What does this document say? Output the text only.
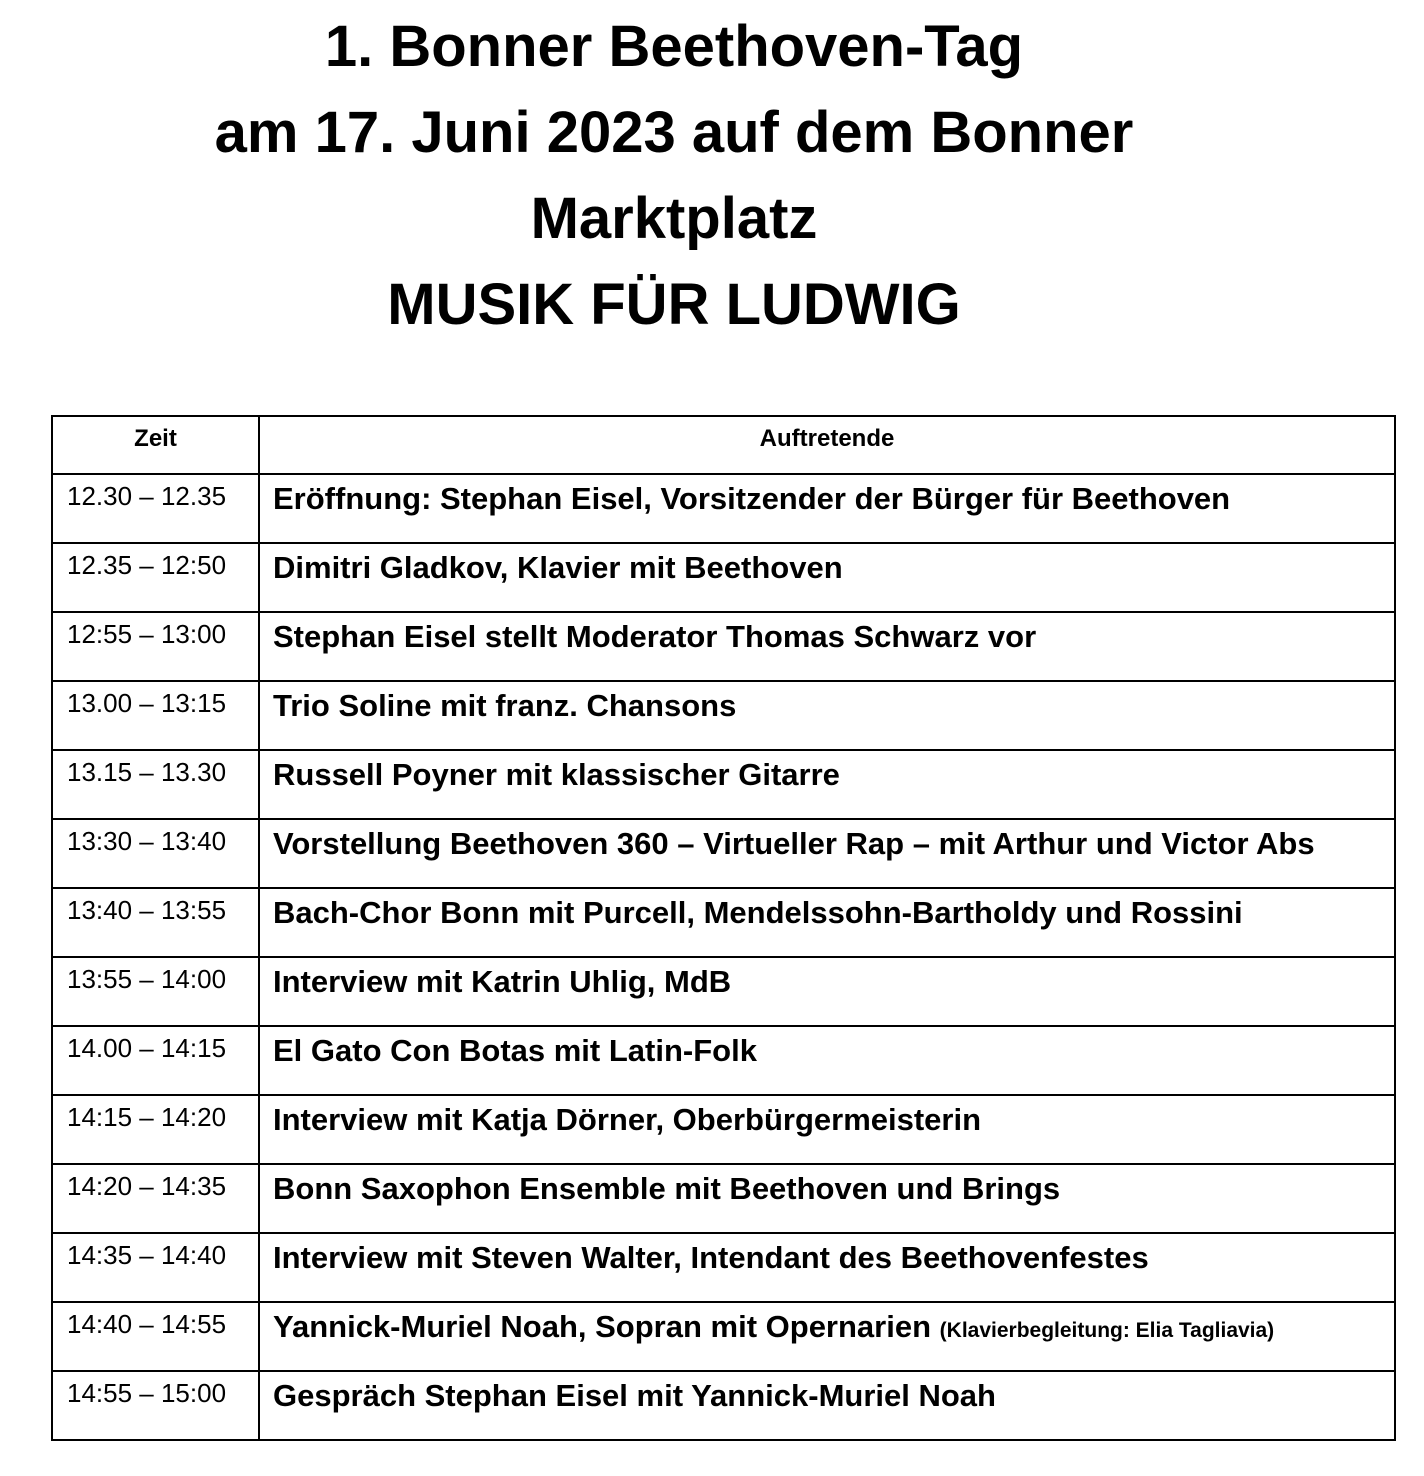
1. Bonner Beethoven-Tag
am 17. Juni 2023 auf dem Bonner
Marktplatz
MUSIK FÜR LUDWIG
Zeit	Auftretende
12.30 – 12.35	Eröffnung: Stephan Eisel, Vorsitzender der Bürger für Beethoven
12.35 – 12:50	Dimitri Gladkov, Klavier mit Beethoven
12:55 – 13:00	Stephan Eisel stellt Moderator Thomas Schwarz vor
13.00 – 13:15	Trio Soline mit franz. Chansons
13.15 – 13.30	Russell Poyner mit klassischer Gitarre
13:30 – 13:40	Vorstellung Beethoven 360 – Virtueller Rap – mit Arthur und Victor Abs
13:40 – 13:55	Bach-Chor Bonn mit Purcell, Mendelssohn-Bartholdy und Rossini
13:55 – 14:00	Interview mit Katrin Uhlig, MdB
14.00 – 14:15	El Gato Con Botas mit Latin-Folk
14:15 – 14:20	Interview mit Katja Dörner, Oberbürgermeisterin
14:20 – 14:35	Bonn Saxophon Ensemble mit Beethoven und Brings
14:35 – 14:40	Interview mit Steven Walter, Intendant des Beethovenfestes
14:40 – 14:55	Yannick-Muriel Noah, Sopran mit Opernarien (Klavierbegleitung: Elia Tagliavia)
14:55 – 15:00	Gespräch Stephan Eisel mit Yannick-Muriel Noah
